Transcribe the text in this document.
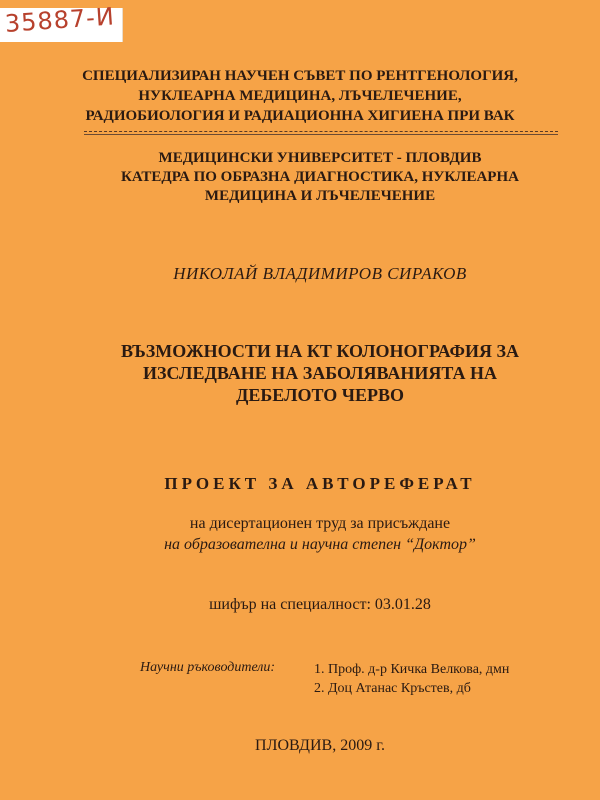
35887-И
СПЕЦИАЛИЗИРАН НАУЧЕН СЪВЕТ ПО РЕНТГЕНОЛОГИЯ,
НУКЛЕАРНА МЕДИЦИНА, ЛЪЧЕЛЕЧЕНИЕ,
РАДИОБИОЛОГИЯ И РАДИАЦИОННА ХИГИЕНА ПРИ ВАК
МЕДИЦИНСКИ УНИВЕРСИТЕТ - ПЛОВДИВ
КАТЕДРА ПО ОБРАЗНА ДИАГНОСТИКА, НУКЛЕАРНА
МЕДИЦИНА И ЛЪЧЕЛЕЧЕНИЕ
НИКОЛАЙ ВЛАДИМИРОВ СИРАКОВ
ВЪЗМОЖНОСТИ НА КТ КОЛОНОГРАФИЯ ЗА
ИЗСЛЕДВАНЕ НА ЗАБОЛЯВАНИЯТА НА
ДЕБЕЛОТО ЧЕРВО
ПРОЕКТ ЗА АВТОРЕФЕРАТ
на дисертационен труд за присъждане
на образователна и научна степен “Доктор”
шифър на специалност: 03.01.28
Научни ръководители:	1. Проф. д-р Кичка Велкова, дмн
2. Доц Атанас Кръстев, дб
ПЛОВДИВ, 2009 г.
